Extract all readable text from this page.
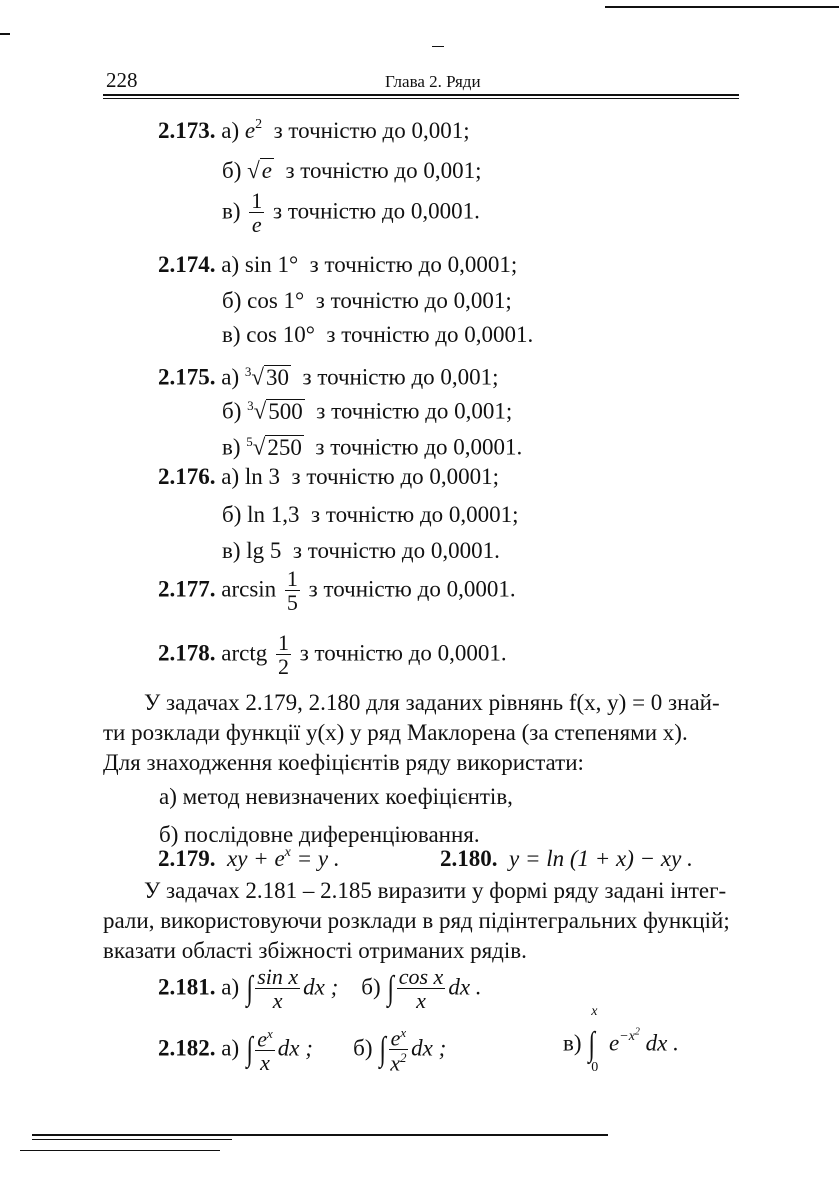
228	Глава 2. Ряди
2.173. а) $e^2$ з точністю до 0,001;
б) √e з точністю до 0,001;
$в) \frac{1}{e}$ з точністю до 0,0001.
2.174. а) sin 1° з точністю до 0,0001;
б) cos 1° з точністю до 0,001;
в) cos 10° з точністю до 0,0001.
2.175. а) $^3$√30 з точністю до 0,001;
б) $^3$√500 з точністю до 0,001;
в) $^5$√250 з точністю до 0,0001.
2.176. а) ln 3 з точністю до 0,0001;
б) ln 1,3 з точністю до 0,0001;
в) lg 5 з точністю до 0,0001.
2.177. $\arcsin \frac{1}{5}$ з точністю до 0,0001.
2.178. arctg $\frac{1}{2}$ з точністю до 0,0001.
У задачах 2.179, 2.180 для заданих рівнянь f(x, y) = 0 знай-
ти розклади функції y(x) у ряд Маклорена (за степенями x).
Для знаходження коефіцієнтів ряду використати:
а) метод невизначених коефіцієнтів,
б) послідовне диференціювання.
2.179. xy + $e^x = y$ .	2.180. y = ln (1 + x) − xy .
У задачах 2.181 – 2.185 виразити у формі ряду задані інтег-
рали, використовуючи розклади в ряд підінтегральних функцій;
вказати області збіжності отриманих рядів.
2.181. а) ∫ $\frac{\text{sin x}}{x}$ dx ; б) ∫ $\frac{\text{cos x}}{x}$ dx .
2.182. а) ∫ $\frac{e^x}{x}$ dx ; б) ∫ $\frac{e^x}{x^2}$ dx ;	в)
x
∫
0
$e^{-x^2}$ dx .
